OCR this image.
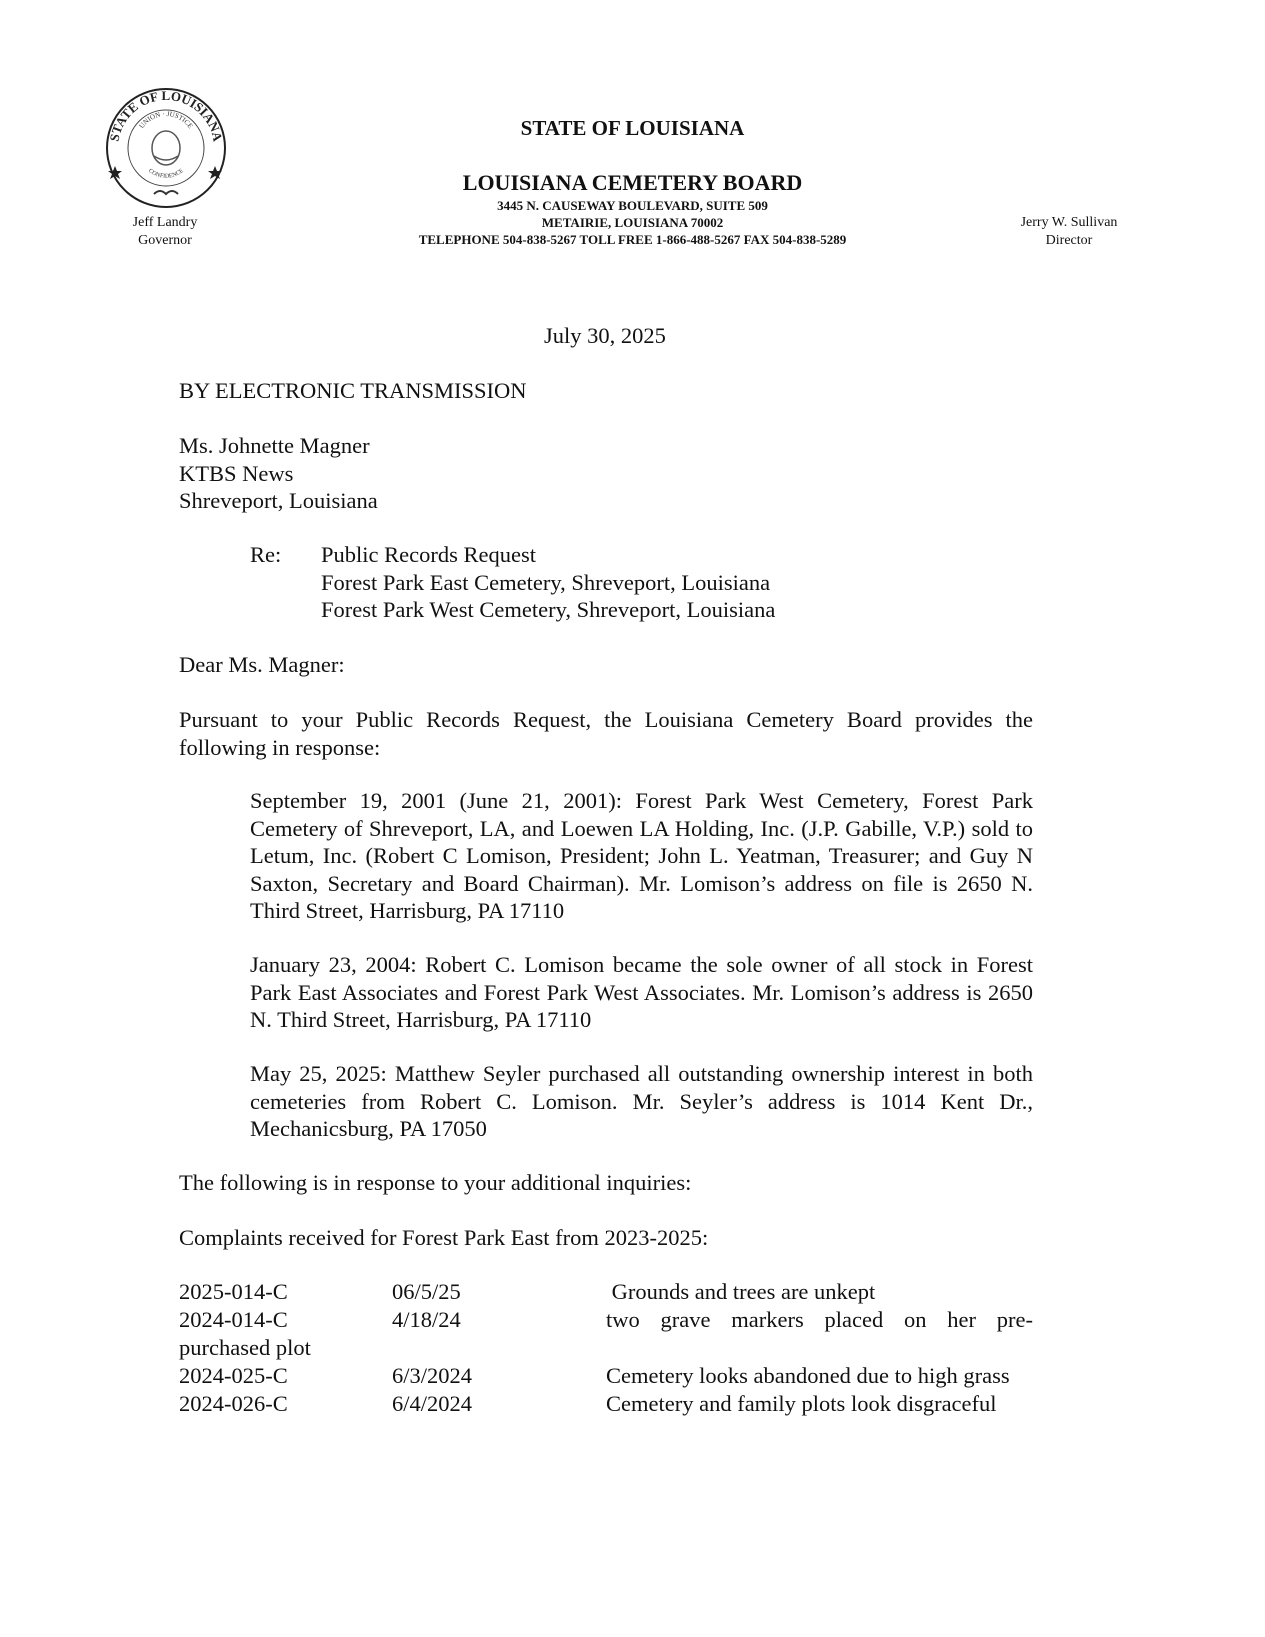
STATE OF LOUISIANA
UNION · JUSTICE
CONFIDENCE
STATE OF LOUISIANA
LOUISIANA CEMETERY BOARD
3445 N. CAUSEWAY BOULEVARD, SUITE 509
METAIRIE, LOUISIANA 70002
TELEPHONE 504-838-5267 TOLL FREE 1-866-488-5267 FAX 504-838-5289
Jeff Landry
Governor
Jerry W. Sullivan
Director
July 30, 2025
BY ELECTRONIC TRANSMISSION
Ms. Johnette Magner
KTBS News
Shreveport, Louisiana
Re: Public Records Request
Forest Park East Cemetery, Shreveport, Louisiana
Forest Park West Cemetery, Shreveport, Louisiana
Dear Ms. Magner:
Pursuant to your Public Records Request, the Louisiana Cemetery Board provides the following in response:
September 19, 2001 (June 21, 2001): Forest Park West Cemetery, Forest Park Cemetery of Shreveport, LA, and Loewen LA Holding, Inc. (J.P. Gabille, V.P.) sold to Letum, Inc. (Robert C Lomison, President; John L. Yeatman, Treasurer; and Guy N Saxton, Secretary and Board Chairman). Mr. Lomison’s address on file is 2650 N. Third Street, Harrisburg, PA 17110
January 23, 2004: Robert C. Lomison became the sole owner of all stock in Forest Park East Associates and Forest Park West Associates. Mr. Lomison’s address is 2650 N. Third Street, Harrisburg, PA 17110
May 25, 2025: Matthew Seyler purchased all outstanding ownership interest in both cemeteries from Robert C. Lomison. Mr. Seyler’s address is 1014 Kent Dr., Mechanicsburg, PA 17050
The following is in response to your additional inquiries:
Complaints received for Forest Park East from 2023-2025:
2025-014-C	06/5/25	Grounds and trees are unkept
2024-014-C	4/18/24	two grave markers placed on her pre-
purchased plot
2024-025-C	6/3/2024	Cemetery looks abandoned due to high grass
2024-026-C	6/4/2024	Cemetery and family plots look disgraceful
